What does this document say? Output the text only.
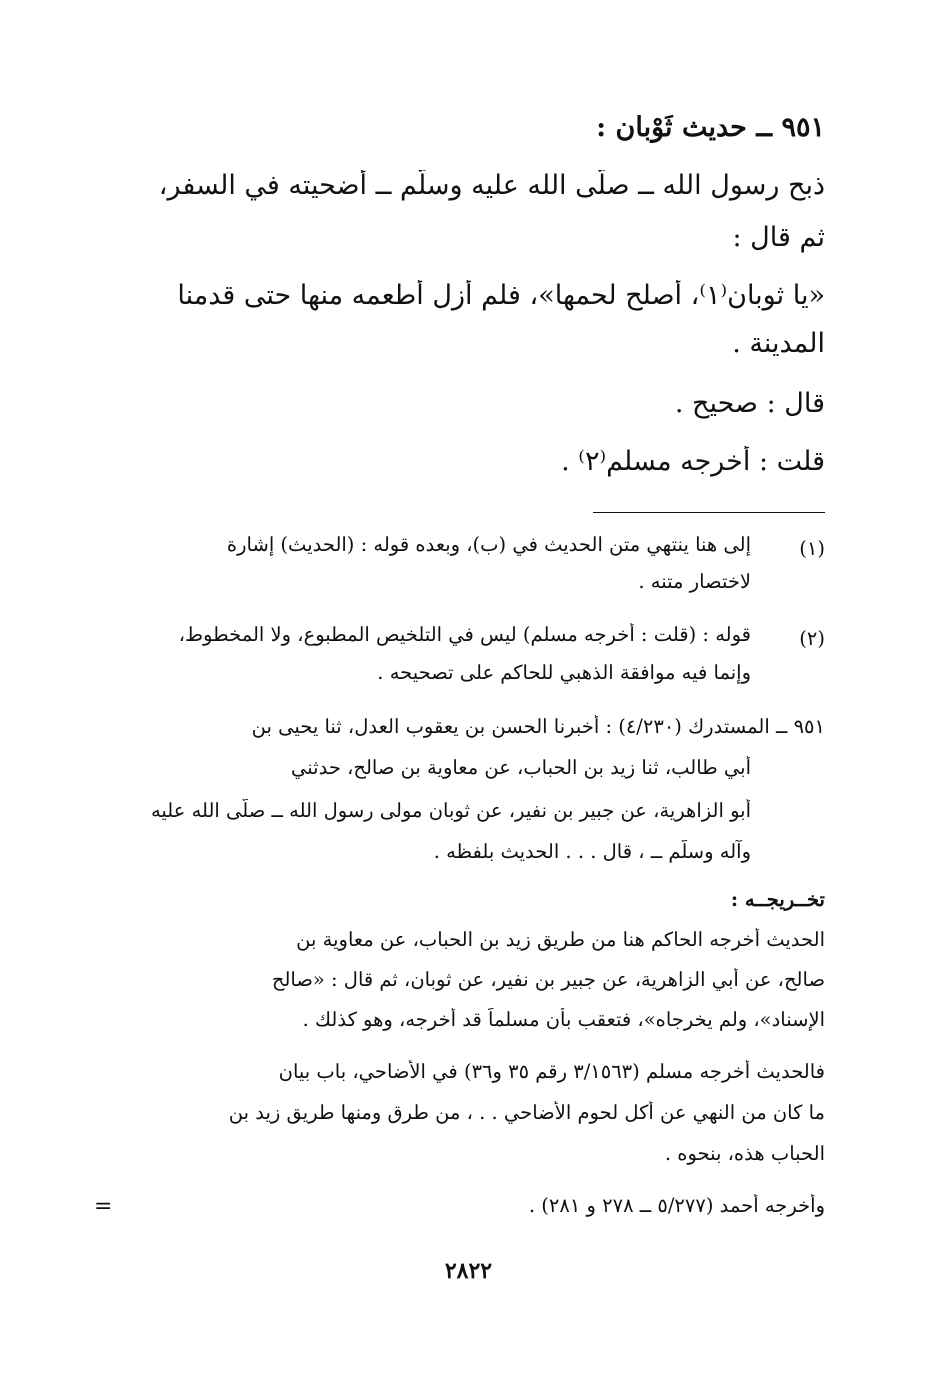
٩٥١ ــ حديث ثَوْبان :
ذبح رسول الله ــ صلَّى الله عليه وسلَّم ــ أضحيته في السفر،
ثم قال :
«يا ثوبان⁽١⁾، أصلح لحمها»، فلم أزل أطعمه منها حتى قدمنا
المدينة .
قال : صحيح .
قلت : أخرجه مسلم⁽٢⁾ .
(١)
إلى هنا ينتهي متن الحديث في (ب)، وبعده قوله : (الحديث) إشارة
لاختصار متنه .
(٢)
قوله : (قلت : أخرجه مسلم) ليس في التلخيص المطبوع، ولا المخطوط،
وإنما فيه موافقة الذهبي للحاكم على تصحيحه .
٩٥١ ــ المستدرك (٤/٢٣٠) : أخبرنا الحسن بن يعقوب العدل، ثنا يحيى بن
أبي طالب، ثنا زيد بن الحباب، عن معاوية بن صالح، حدثني
أبو الزاهرية، عن جبير بن نفير، عن ثوبان مولى رسول الله ــ صلَّى الله عليه
وآله وسلَّم ــ ، قال . . . الحديث بلفظه .
تخــريجــه :
الحديث أخرجه الحاكم هنا من طريق زيد بن الحباب، عن معاوية بن
صالح، عن أبي الزاهرية، عن جبير بن نفير، عن ثوبان، ثم قال : «صالح
الإسناد»، ولم يخرجاه»، فتعقب بأن مسلماً قد أخرجه، وهو كذلك .
فالحديث أخرجه مسلم (٣/١٥٦٣ رقم ٣٥ و٣٦) في الأضاحي، باب بيان
ما كان من النهي عن أكل لحوم الأضاحي . . ، من طرق ومنها طريق زيد بن
الحباب هذه، بنحوه .
وأخرجه أحمد (٥/٢٧٧ ــ ٢٧٨ و ٢٨١) .
=
٢٨٢٢
